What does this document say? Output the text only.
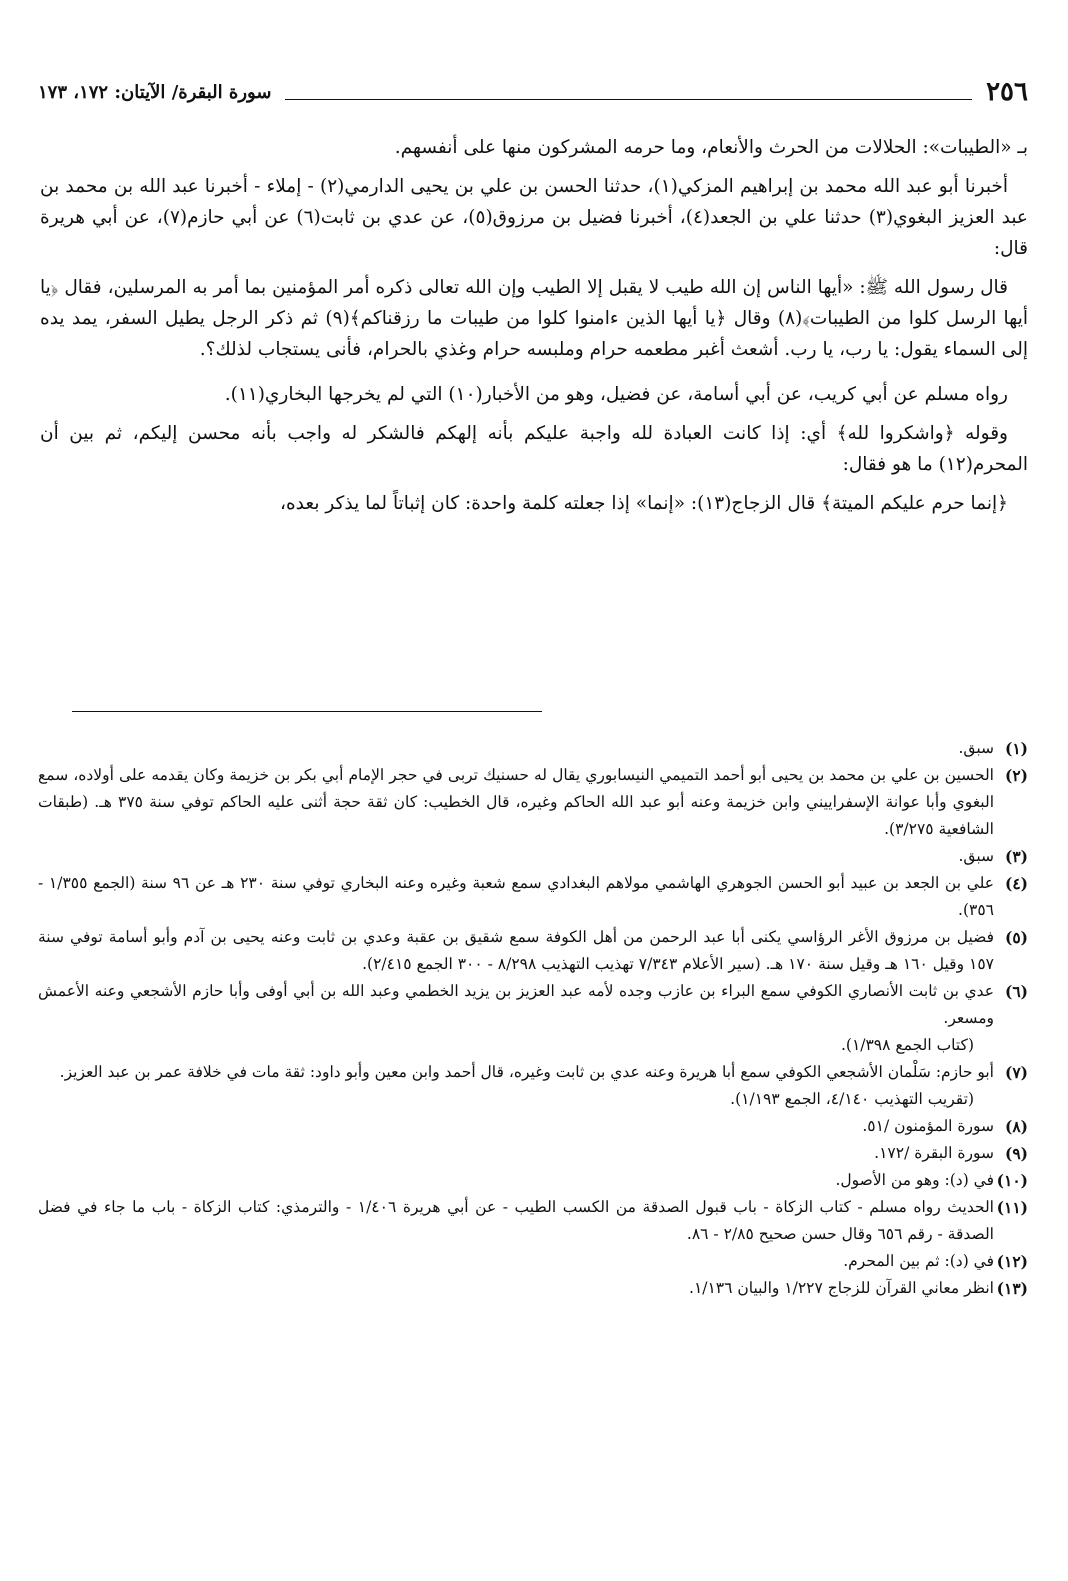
٢٥٦
سورة البقرة/ الآيتان: ١٧٢، ١٧٣

بـ «الطيبات»: الحلالات من الحرث والأنعام، وما حرمه المشركون منها على أنفسهم.

أخبرنا أبو عبد الله محمد بن إبراهيم المزكي(١)، حدثنا الحسن بن علي بن يحيى الدارمي(٢) - إملاء - أخبرنا عبد الله بن محمد بن عبد العزيز البغوي(٣) حدثنا علي بن الجعد(٤)، أخبرنا فضيل بن مرزوق(٥)، عن عدي بن ثابت(٦) عن أبي حازم(٧)، عن أبي هريرة قال:

قال رسول الله ﷺ: «أيها الناس إن الله طيب لا يقبل إلا الطيب وإن الله تعالى ذكره أمر المؤمنين بما أمر به المرسلين، فقال ﴿يا أيها الرسل كلوا من الطيبات﴾(٨) وقال ﴿يا أيها الذين ءامنوا كلوا من طيبات ما رزقناكم﴾(٩) ثم ذكر الرجل يطيل السفر، يمد يده إلى السماء يقول: يا رب، يا رب. أشعث أغبر مطعمه حرام وملبسه حرام وغذي بالحرام، فأنى يستجاب لذلك؟.

رواه مسلم عن أبي كريب، عن أبي أسامة، عن فضيل، وهو من الأخبار(١٠) التي لم يخرجها البخاري(١١).

وقوله ﴿واشكروا لله﴾ أي: إذا كانت العبادة لله واجبة عليكم بأنه إلهكم فالشكر له واجب بأنه محسن إليكم، ثم بين أن المحرم(١٢) ما هو فقال:

﴿إنما حرم عليكم الميتة﴾ قال الزجاج(١٣): «إنما» إذا جعلته كلمة واحدة: كان إثباتاً لما يذكر بعده،

(١)
سبق.
(٢)
الحسين بن علي بن محمد بن يحيى أبو أحمد التميمي النيسابوري يقال له حسنيك تربى في حجر الإمام أبي بكر بن خزيمة وكان يقدمه على أولاده، سمع البغوي وأبا عوانة الإسفراييني وابن خزيمة وعنه أبو عبد الله الحاكم وغيره، قال الخطيب: كان ثقة حجة أثنى عليه الحاكم توفي سنة ٣٧٥ هـ. (طبقات الشافعية ٣/٢٧٥).
(٣)
سبق.
(٤)
علي بن الجعد بن عبيد أبو الحسن الجوهري الهاشمي مولاهم البغدادي سمع شعبة وغيره وعنه البخاري توفي سنة ٢٣٠ هـ عن ٩٦ سنة (الجمع ١/٣٥٥ - ٣٥٦).
(٥)
فضيل بن مرزوق الأغر الرؤاسي يكنى أبا عبد الرحمن من أهل الكوفة سمع شقيق بن عقبة وعدي بن ثابت وعنه يحيى بن آدم وأبو أسامة توفي سنة ١٥٧ وقيل ١٦٠ هـ وقيل سنة ١٧٠ هـ. (سير الأعلام ٧/٣٤٣ تهذيب التهذيب ٨/٢٩٨ - ٣٠٠ الجمع ٢/٤١٥).
(٦)
عدي بن ثابت الأنصاري الكوفي سمع البراء بن عازب وجده لأمه عبد العزيز بن يزيد الخطمي وعبد الله بن أبي أوفى وأبا حازم الأشجعي وعنه الأعمش ومسعر.
(كتاب الجمع ١/٣٩٨).
(٧)
أبو حازم: سَلْمان الأشجعي الكوفي سمع أبا هريرة وعنه عدي بن ثابت وغيره، قال أحمد وابن معين وأبو داود: ثقة مات في خلافة عمر بن عبد العزيز.
(تقريب التهذيب ٤/١٤٠، الجمع ١/١٩٣).
(٨)
سورة المؤمنون /٥١.
(٩)
سورة البقرة /١٧٢.
(١٠)
في (د): وهو من الأصول.
(١١)
الحديث رواه مسلم - كتاب الزكاة - باب قبول الصدقة من الكسب الطيب - عن أبي هريرة ١/٤٠٦ - والترمذي: كتاب الزكاة - باب ما جاء في فضل الصدقة - رقم ٦٥٦ وقال حسن صحيح ٢/٨٥ - ٨٦.
(١٢)
في (د): ثم بين المحرم.
(١٣)
انظر معاني القرآن للزجاج ١/٢٢٧ والبيان ١/١٣٦.
